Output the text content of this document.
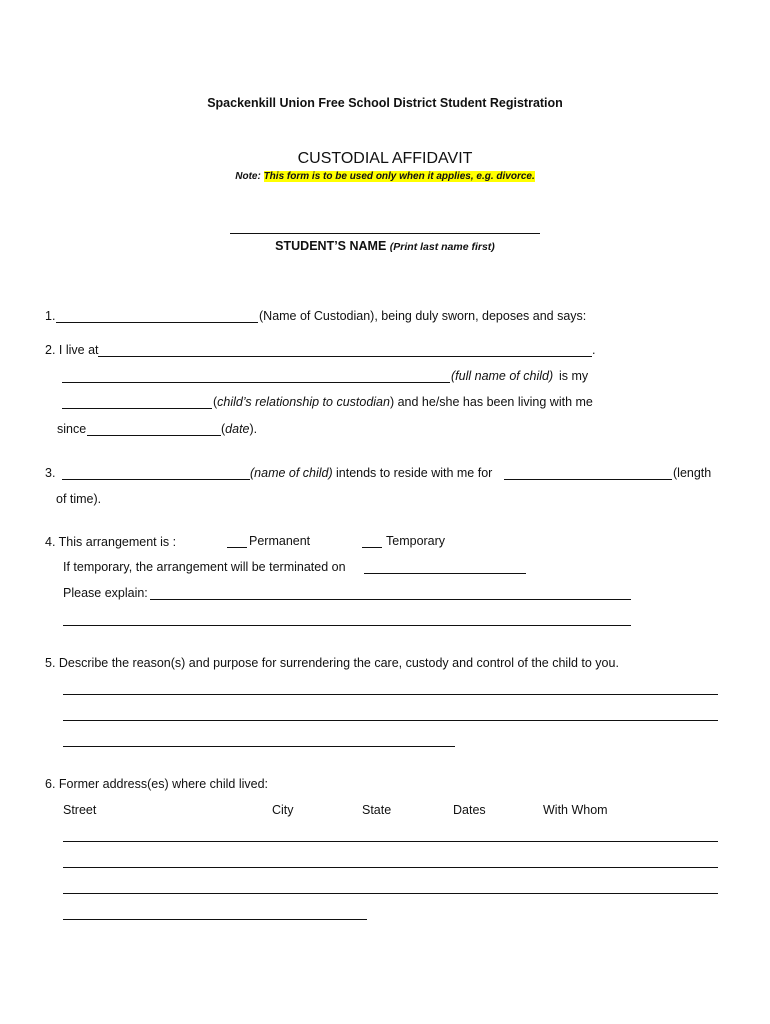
Spackenkill Union Free School District Student Registration
CUSTODIAL AFFIDAVIT
Note: This form is to be used only when it applies, e.g. divorce.
STUDENT’S NAME (Print last name first)
1.	(Name of Custodian), being duly sworn, deposes and says:
2. I live at	.
(full name of child) is my
(child’s relationship to custodian) and he/she has been living with me
since	(date).
3.	(name of child) intends to reside with me for	(length
of time).
4. This arrangement is :	Permanent	Temporary
If temporary, the arrangement will be terminated on
Please explain:
5. Describe the reason(s) and purpose for surrendering the care, custody and control of the child to you.
6. Former address(es) where child lived:
Street	City	State	Dates	With Whom
